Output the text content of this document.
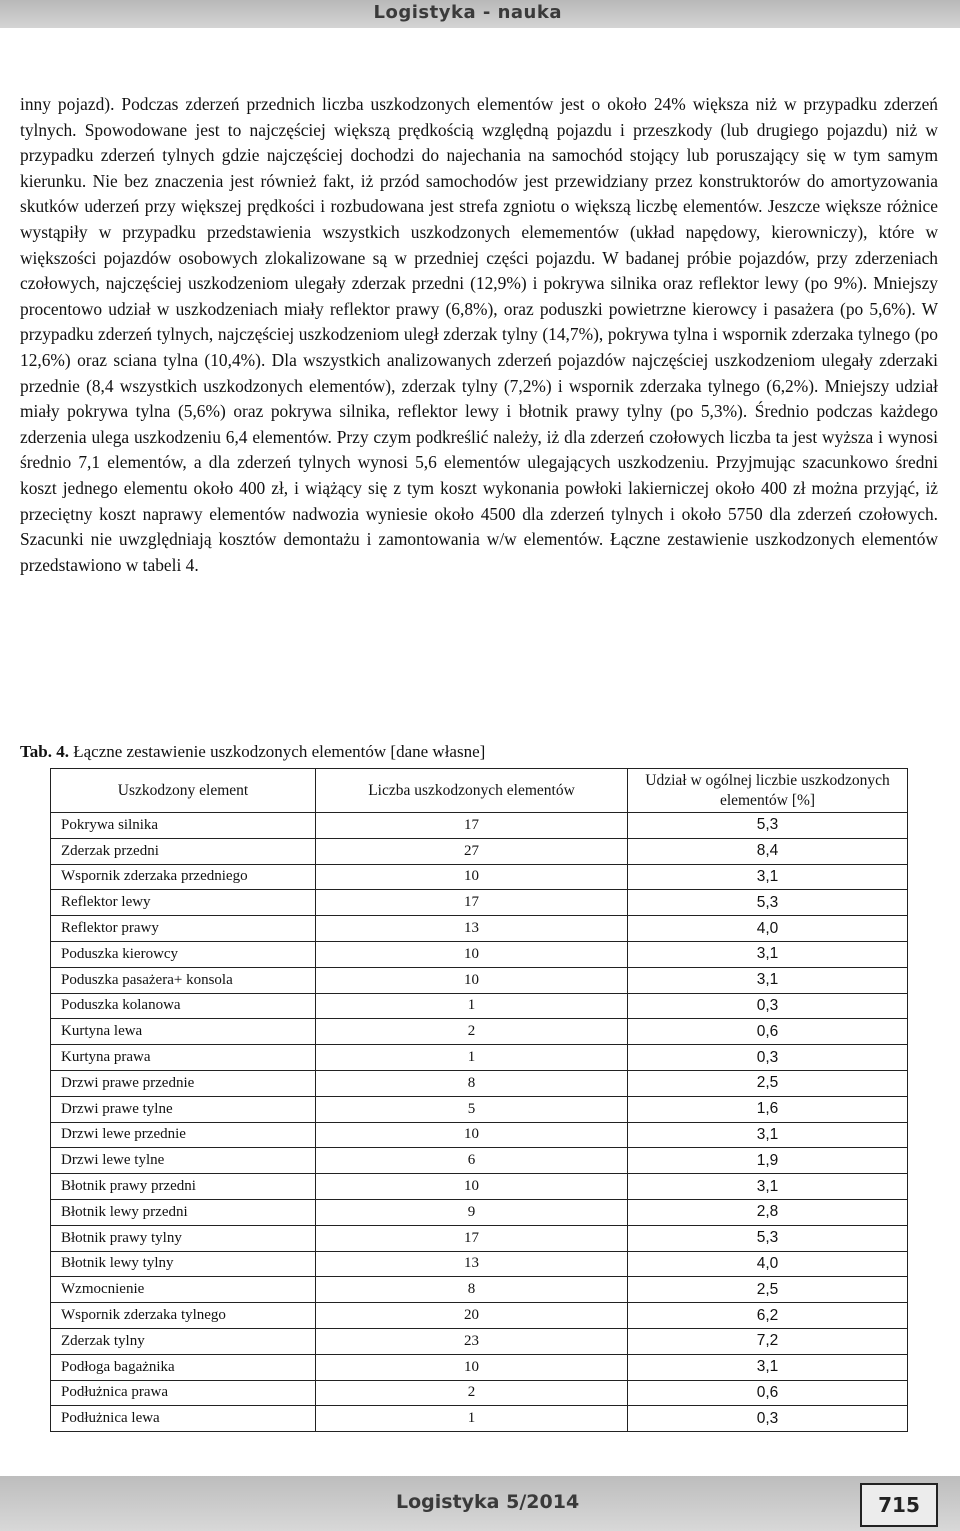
Logistyka - nauka

inny pojazd). Podczas zderzeń przednich liczba uszkodzonych elementów jest o około 24% większa niż w przypadku zderzeń tylnych. Spowodowane jest to najczęściej większą prędkością względną pojazdu i przeszkody (lub drugiego pojazdu) niż w przypadku zderzeń tylnych gdzie najczęściej dochodzi do najechania na samochód stojący lub poruszający się w tym samym kierunku. Nie bez znaczenia jest również fakt, iż przód samochodów jest przewidziany przez konstruktorów do amortyzowania skutków uderzeń przy większej prędkości i rozbudowana jest strefa zgniotu o większą liczbę elementów. Jeszcze większe różnice wystąpiły w przypadku przedstawienia wszystkich uszkodzonych elemementów (układ napędowy, kierowniczy), które w większości pojazdów osobowych zlokalizowane są w przedniej części pojazdu. W badanej próbie pojazdów, przy zderzeniach czołowych, najczęściej uszkodzeniom ulegały zderzak przedni (12,9%) i pokrywa silnika oraz reflektor lewy (po 9%). Mniejszy procentowo udział w uszkodzeniach miały reflektor prawy (6,8%), oraz poduszki powietrzne kierowcy i pasażera (po 5,6%). W przypadku zderzeń tylnych, najczęściej uszkodzeniom uległ zderzak tylny (14,7%), pokrywa tylna i wspornik zderzaka tylnego (po 12,6%) oraz sciana tylna (10,4%). Dla wszystkich analizowanych zderzeń pojazdów najczęściej uszkodzeniom ulegały zderzaki przednie (8,4 wszystkich uszkodzonych elementów), zderzak tylny (7,2%) i wspornik zderzaka tylnego (6,2%). Mniejszy udział miały pokrywa tylna (5,6%) oraz pokrywa silnika, reflektor lewy i błotnik prawy tylny (po 5,3%). Średnio podczas każdego zderzenia ulega uszkodzeniu 6,4 elementów. Przy czym podkreślić należy, iż dla zderzeń czołowych liczba ta jest wyższa i wynosi średnio 7,1 elementów, a dla zderzeń tylnych wynosi 5,6 elementów ulegających uszkodzeniu. Przyjmując szacunkowo średni koszt jednego elementu około 400 zł, i wiążący się z tym koszt wykonania powłoki lakierniczej około 400 zł można przyjąć, iż przeciętny koszt naprawy elementów nadwozia wyniesie około 4500 dla zderzeń tylnych i około 5750 dla zderzeń czołowych. Szacunki nie uwzględniają kosztów demontażu i zamontowania w/w elementów. Łączne zestawienie uszkodzonych elementów przedstawiono w tabeli 4.

Tab. 4. Łączne zestawienie uszkodzonych elementów [dane własne]
Uszkodzony element	Liczba uszkodzonych elementów	Udział w ogólnej liczbie uszkodzonych elementów [%]
Pokrywa silnika	17	5,3
Zderzak przedni	27	8,4
Wspornik zderzaka przedniego	10	3,1
Reflektor lewy	17	5,3
Reflektor prawy	13	4,0
Poduszka kierowcy	10	3,1
Poduszka pasażera+ konsola	10	3,1
Poduszka kolanowa	1	0,3
Kurtyna lewa	2	0,6
Kurtyna prawa	1	0,3
Drzwi prawe przednie	8	2,5
Drzwi prawe tylne	5	1,6
Drzwi lewe przednie	10	3,1
Drzwi lewe tylne	6	1,9
Błotnik prawy przedni	10	3,1
Błotnik lewy przedni	9	2,8
Błotnik prawy tylny	17	5,3
Błotnik lewy tylny	13	4,0
Wzmocnienie	8	2,5
Wspornik zderzaka tylnego	20	6,2
Zderzak tylny	23	7,2
Podłoga bagażnika	10	3,1
Podłużnica prawa	2	0,6
Podłużnica lewa	1	0,3
Logistyka 5/2014	715
